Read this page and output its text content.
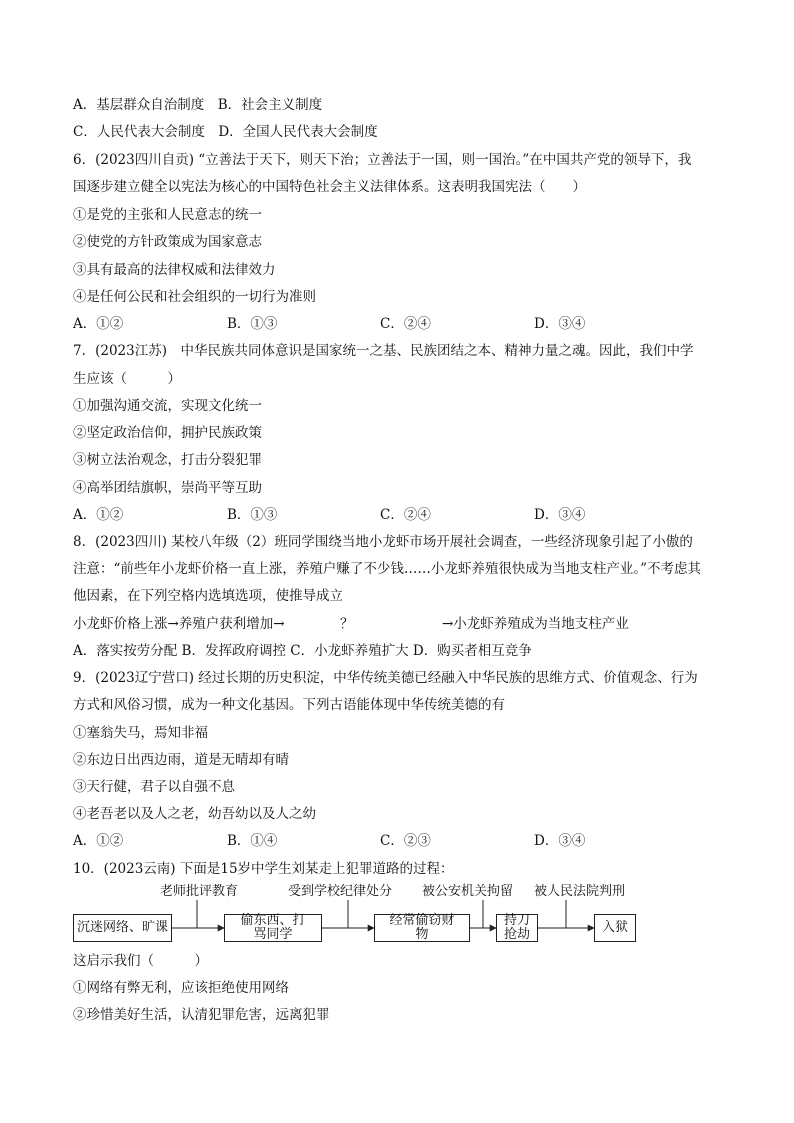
A．基层群众自治制度　B．社会主义制度
C．人民代表大会制度　D．全国人民代表大会制度
6．(2023四川自贡) “立善法于天下，则天下治；立善法于一国，则一国治。”在中国共产党的领导下，我
国逐步建立健全以宪法为核心的中国特色社会主义法律体系。这表明我国宪法（　　）
①是党的主张和人民意志的统一
②使党的方针政策成为国家意志
③具有最高的法律权威和法律效力
④是任何公民和社会组织的一切行为准则
A．①②	B．①③	C．②④	D．③④
7．(2023江苏)　中华民族共同体意识是国家统一之基、民族团结之本、精神力量之魂。因此，我们中学
生应该（　　　）
①加强沟通交流，实现文化统一
②坚定政治信仰，拥护民族政策
③树立法治观念，打击分裂犯罪
④高举团结旗帜，崇尚平等互助
A．①②	B．①③	C．②④	D．③④
8．(2023四川) 某校八年级（2）班同学围绕当地小龙虾市场开展社会调查，一些经济现象引起了小傲的
注意：“前些年小龙虾价格一直上涨，养殖户赚了不少钱……小龙虾养殖很快成为当地支柱产业。”不考虑其
他因素，在下列空格内选填选项，使推导成立
小龙虾价格上涨→养殖户获利增加→	？	→小龙虾养殖成为当地支柱产业
A．落实按劳分配 B．发挥政府调控 C．小龙虾养殖扩大 D．购买者相互竞争
9．(2023辽宁营口) 经过长期的历史积淀，中华传统美德已经融入中华民族的思维方式、价值观念、行为
方式和风俗习惯，成为一种文化基因。下列古语能体现中华传统美德的有
①塞翁失马，焉知非福
②东边日出西边雨，道是无晴却有晴
③天行健，君子以自强不息
④老吾老以及人之老，幼吾幼以及人之幼
A．①②	B．①④	C．②③	D．③④
10．(2023云南) 下面是15岁中学生刘某走上犯罪道路的过程：
老师批评教育	受到学校纪律处分 被公安机关拘留 被人民法院判刑
沉迷网络、旷课	偷东西、打骂同学
经常偷窃财物
持刀抢劫	入狱
这启示我们（　　　）
①网络有弊无利，应该拒绝使用网络
②珍惜美好生活，认清犯罪危害，远离犯罪
